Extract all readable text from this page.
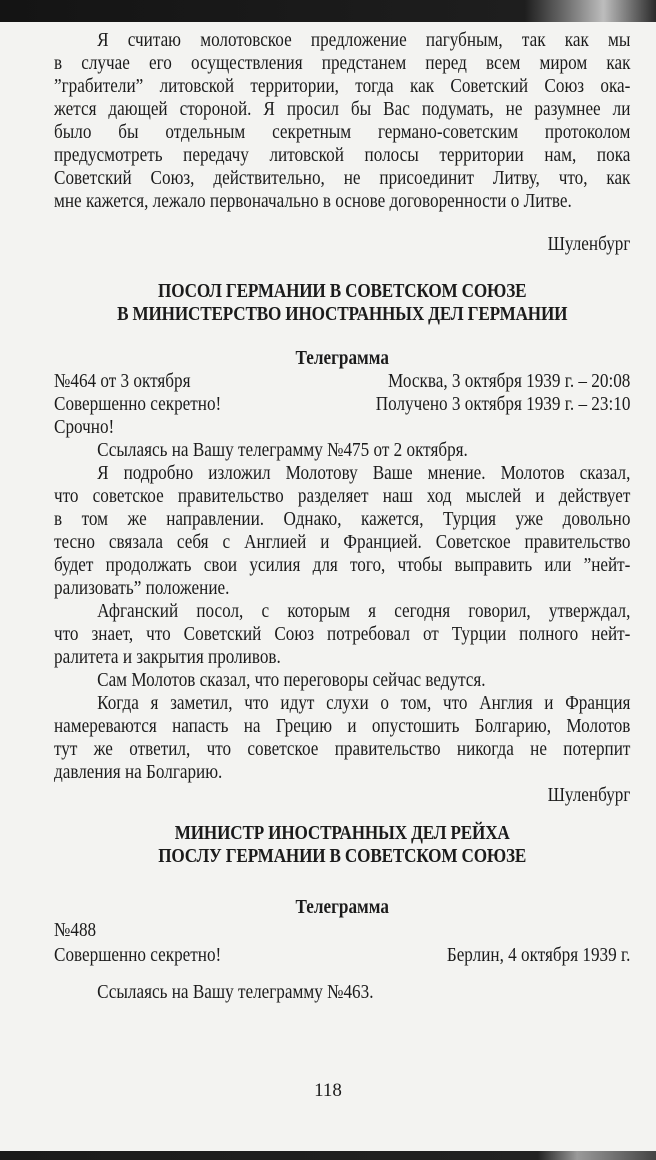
Я считаю молотовское предложение пагубным, так как мы
в случае его осуществления предстанем перед всем миром как
”грабители” литовской территории, тогда как Советский Союз ока-
жется дающей стороной. Я просил бы Вас подумать, не разумнее ли
было бы отдельным секретным германо-советским протоколом
предусмотреть передачу литовской полосы территории нам, пока
Советский Союз, действительно, не присоединит Литву, что, как
мне кажется, лежало первоначально в основе договоренности о Литве.
Шуленбург
ПОСОЛ ГЕРМАНИИ В СОВЕТСКОМ СОЮЗЕ
В МИНИСТЕРСТВО ИНОСТРАННЫХ ДЕЛ ГЕРМАНИИ
Телеграмма
№464 от 3 октября	Москва, 3 октября 1939 г. – 20:08
Совершенно секретно!	Получено 3 октября 1939 г. – 23:10
Срочно!
Ссылаясь на Вашу телеграмму №475 от 2 октября.
Я подробно изложил Молотову Ваше мнение. Молотов сказал,
что советское правительство разделяет наш ход мыслей и действует
в том же направлении. Однако, кажется, Турция уже довольно
тесно связала себя с Англией и Францией. Советское правительство
будет продолжать свои усилия для того, чтобы выправить или ”нейт-
рализовать” положение.
Афганский посол, с которым я сегодня говорил, утверждал,
что знает, что Советский Союз потребовал от Турции полного нейт-
ралитета и закрытия проливов.
Сам Молотов сказал, что переговоры сейчас ведутся.
Когда я заметил, что идут слухи о том, что Англия и Франция
намереваются напасть на Грецию и опустошить Болгарию, Молотов
тут же ответил, что советское правительство никогда не потерпит
давления на Болгарию.
Шуленбург
МИНИСТР ИНОСТРАННЫХ ДЕЛ РЕЙХА
ПОСЛУ ГЕРМАНИИ В СОВЕТСКОМ СОЮЗЕ
Телеграмма
№488
Совершенно секретно!	Берлин, 4 октября 1939 г.
Ссылаясь на Вашу телеграмму №463.
118
